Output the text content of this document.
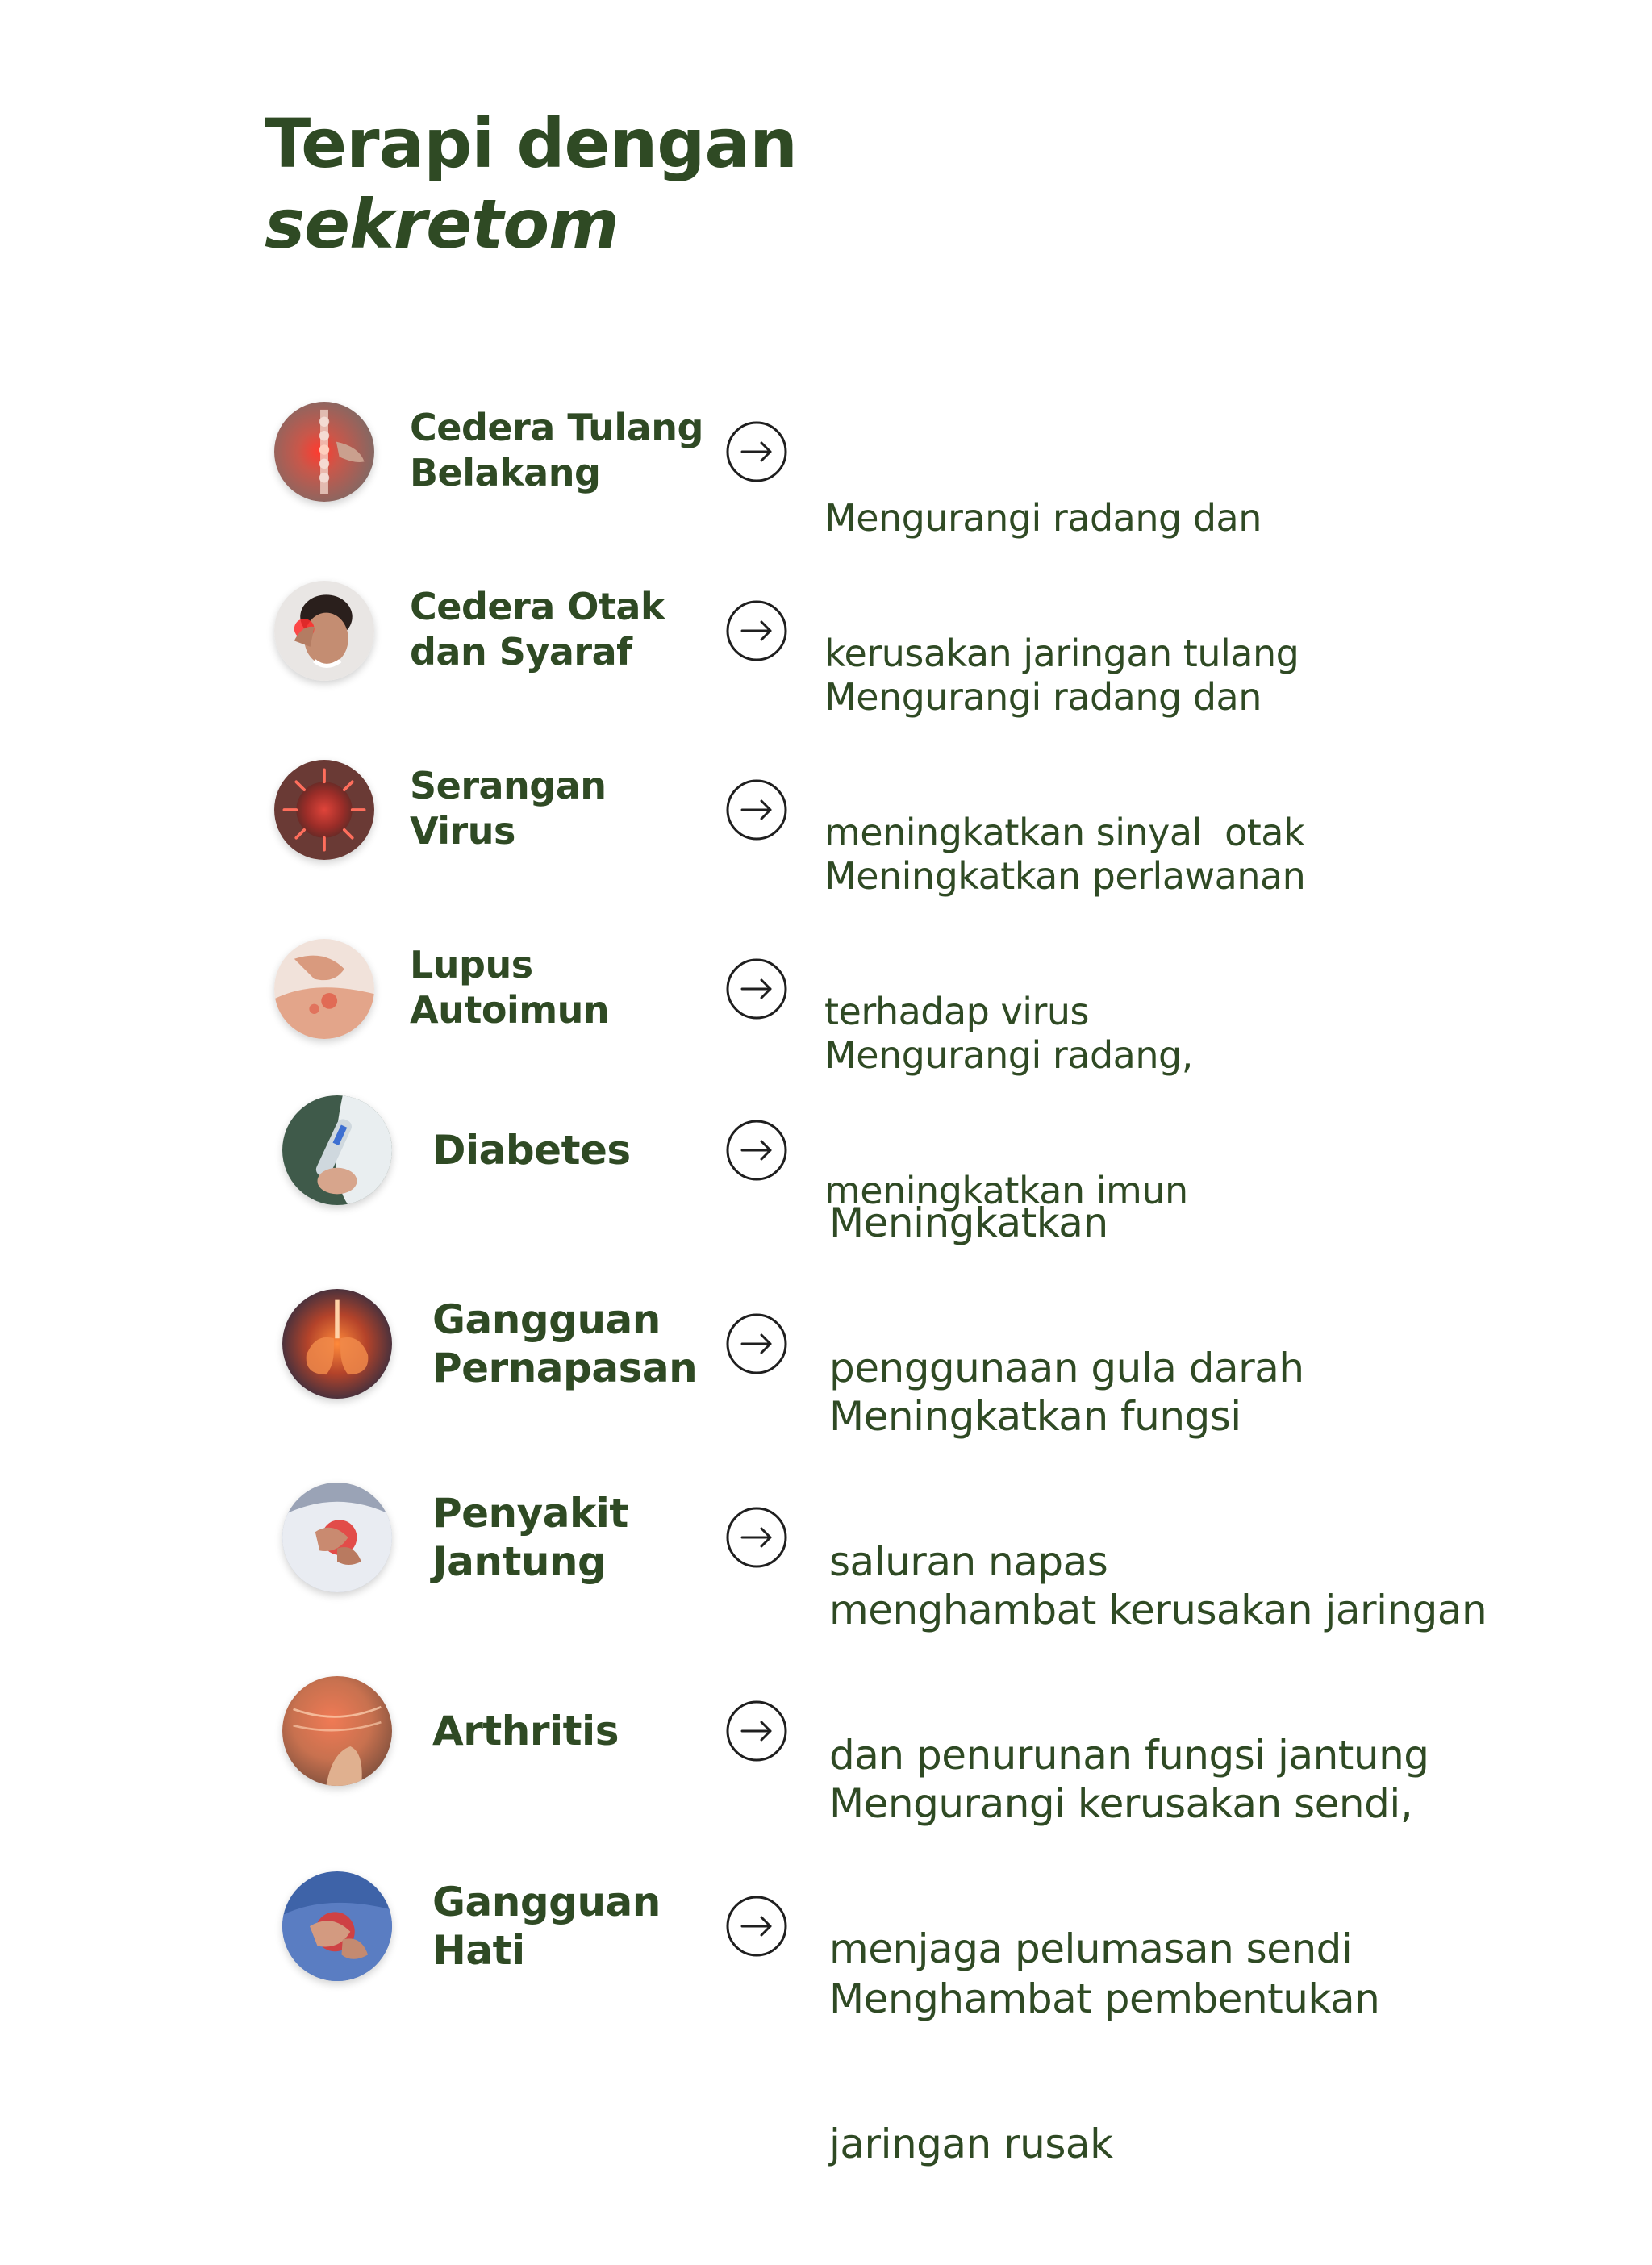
Terapi dengan
sekretom
Cedera Tulang
Belakang

Mengurangi radang dan

kerusakan jaringan tulang

Cedera Otak
dan Syaraf

Mengurangi radang dan

meningkatkan sinyal  otak

Serangan
Virus

Meningkatkan perlawanan

terhadap virus

Lupus
Autoimun

Mengurangi radang,

meningkatkan imun

Diabetes

Meningkatkan

penggunaan gula darah

Gangguan
Pernapasan

Meningkatkan fungsi

saluran napas

Penyakit
Jantung

menghambat kerusakan jaringan

dan penurunan fungsi jantung

Arthritis

Mengurangi kerusakan sendi,

menjaga pelumasan sendi

Gangguan
Hati

Menghambat pembentukan

jaringan rusak
